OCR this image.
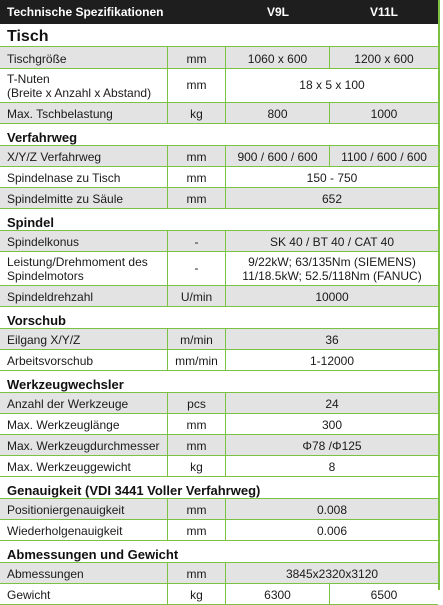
Technische Spezifikationen	V9L	V11L
Tisch
Tischgröße	mm	1060 x 600	1200 x 600
T-Nuten
(Breite x Anzahl x Abstand)
mm	18 x 5 x 100
Max. Tschbelastung	kg	800	1000
Verfahrweg
X/Y/Z Verfahrweg	mm	900 / 600 / 600	1100 / 600 / 600
Spindelnase zu Tisch	mm	150 - 750
Spindelmitte zu Säule	mm	652
Spindel
Spindelkonus	-	SK 40 / BT 40 / CAT 40
Leistung/Drehmoment des
Spindelmotors
-	9/22kW; 63/135Nm (SIEMENS)
11/18.5kW; 52.5/118Nm (FANUC)
Spindeldrehzahl	U/min	10000
Vorschub
Eilgang X/Y/Z	m/min	36
Arbeitsvorschub	mm/min	1-12000
Werkzeugwechsler
Anzahl der Werkzeuge	pcs	24
Max. Werkzeuglänge	mm	300
Max. Werkzeugdurchmesser	mm	Φ78 /Φ125
Max. Werkzeuggewicht	kg	8
Genauigkeit (VDI 3441 Voller Verfahrweg)
Positioniergenauigkeit	mm	0.008
Wiederholgenauigkeit	mm	0.006
Abmessungen und Gewicht
Abmessungen	mm	3845x2320x3120
Gewicht	kg	6300	6500
